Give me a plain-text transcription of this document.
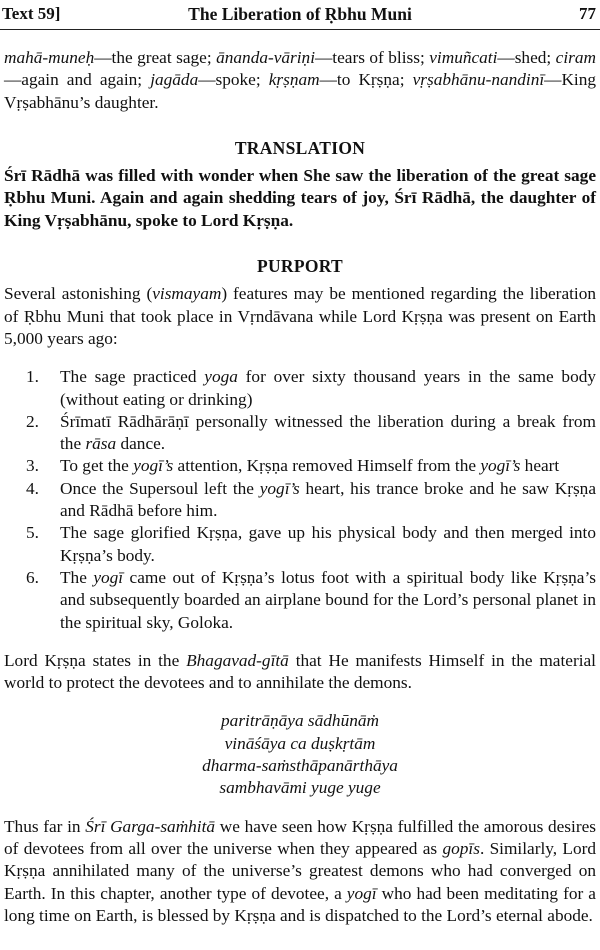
Text 59]	The Liberation of Ṛbhu Muni	77

mahā-muneḥ—the great sage; ānanda-vāriṇi—tears of bliss; vimuñcati—shed; ciram—again and again; jagāda—spoke; kṛṣṇam—to Kṛṣṇa; vṛṣabhānu-nandinī—King Vṛṣabhānu’s daughter.

TRANSLATION

Śrī Rādhā was filled with wonder when She saw the liberation of the great sage Ṛbhu Muni. Again and again shedding tears of joy, Śrī Rādhā, the daughter of King Vṛṣabhānu, spoke to Lord Kṛṣṇa.

PURPORT

Several astonishing (vismayam) features may be mentioned regarding the liberation of Ṛbhu Muni that took place in Vṛndāvana while Lord Kṛṣṇa was present on Earth 5,000 years ago:

1. The sage practiced yoga for over sixty thousand years in the same body (without eating or drinking)
2. Śrīmatī Rādhārāṇī personally witnessed the liberation during a break from the rāsa dance.
3. To get the yogī’s attention, Kṛṣṇa removed Himself from the yogī’s heart
4. Once the Supersoul left the yogī’s heart, his trance broke and he saw Kṛṣṇa and Rādhā before him.
5. The sage glorified Kṛṣṇa, gave up his physical body and then merged into Kṛṣṇa’s body.
6. The yogī came out of Kṛṣṇa’s lotus foot with a spiritual body like Kṛṣṇa’s and subsequently boarded an airplane bound for the Lord’s personal planet in the spiritual sky, Goloka.

Lord Kṛṣṇa states in the Bhagavad-gītā that He manifests Himself in the material world to protect the devotees and to annihilate the demons.

paritrāṇāya sādhūnāṁ
vināśāya ca duṣkṛtām
dharma-saṁsthāpanārthāya
sambhavāmi yuge yuge

Thus far in Śrī Garga-saṁhitā we have seen how Kṛṣṇa fulfilled the amorous desires of devotees from all over the universe when they appeared as gopīs. Similarly, Lord Kṛṣṇa annihilated many of the universe’s greatest demons who had converged on Earth. In this chapter, another type of devotee, a yogī who had been meditating for a long time on Earth, is blessed by Kṛṣṇa and is dispatched to the Lord’s eternal abode.
